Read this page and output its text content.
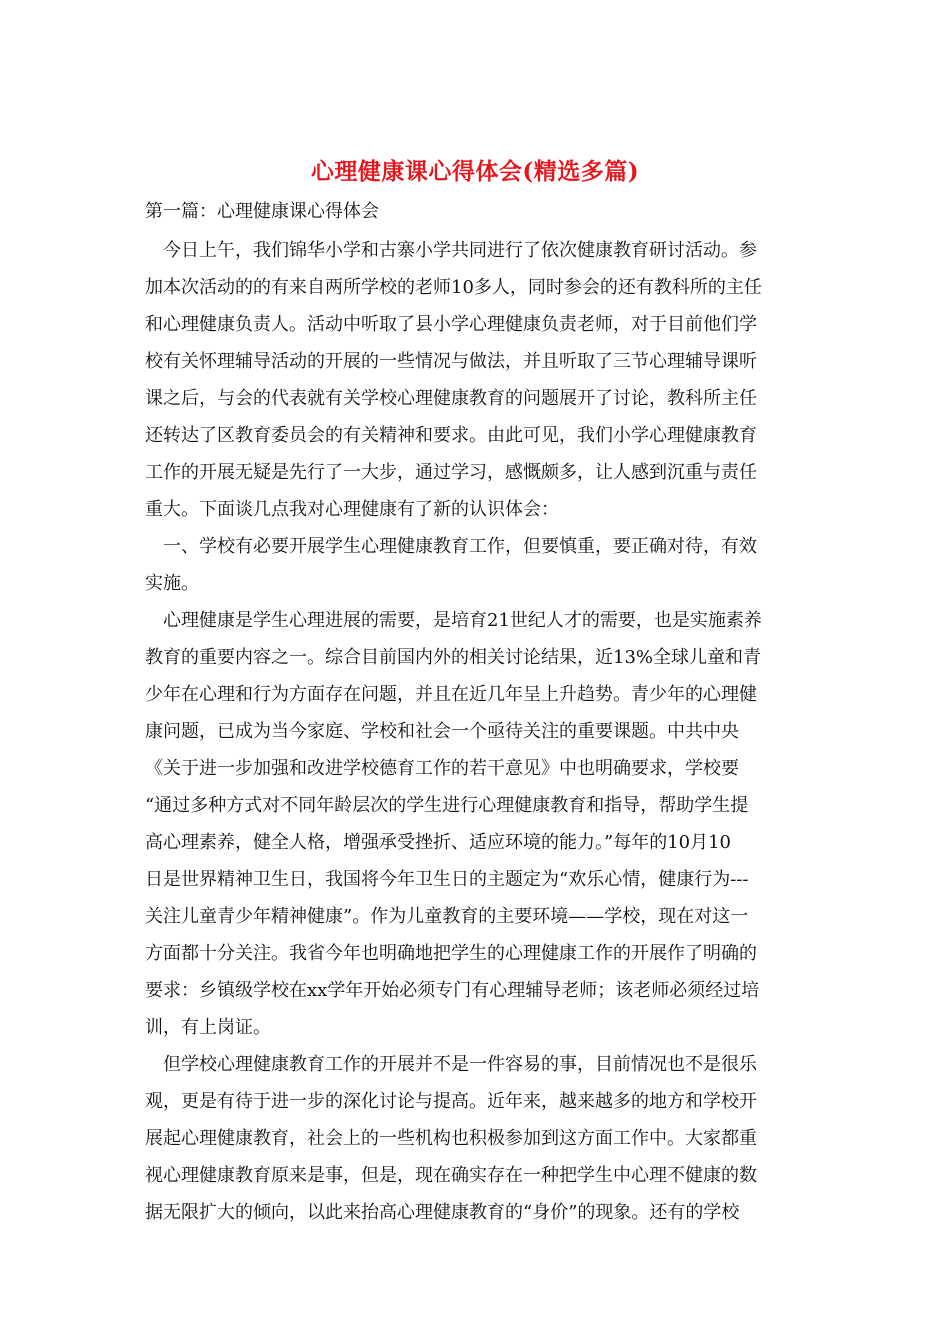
心理健康课心得体会(精选多篇)
第一篇：心理健康课心得体会
　今日上午，我们锦华小学和古寨小学共同进行了依次健康教育研讨活动。参
加本次活动的的有来自两所学校的老师10多人，同时参会的还有教科所的主任
和心理健康负责人。活动中听取了县小学心理健康负责老师，对于目前他们学
校有关怀理辅导活动的开展的一些情况与做法，并且听取了三节心理辅导课听
课之后，与会的代表就有关学校心理健康教育的问题展开了讨论，教科所主任
还转达了区教育委员会的有关精神和要求。由此可见，我们小学心理健康教育
工作的开展无疑是先行了一大步，通过学习，感慨颇多，让人感到沉重与责任
重大。下面谈几点我对心理健康有了新的认识体会：
　一、学校有必要开展学生心理健康教育工作，但要慎重，要正确对待，有效
实施。
　心理健康是学生心理进展的需要，是培育21世纪人才的需要，也是实施素养
教育的重要内容之一。综合目前国内外的相关讨论结果，近13%全球儿童和青
少年在心理和行为方面存在问题，并且在近几年呈上升趋势。青少年的心理健
康问题，已成为当今家庭、学校和社会一个亟待关注的重要课题。中共中央
《关于进一步加强和改进学校德育工作的若干意见》中也明确要求，学校要
“通过多种方式对不同年龄层次的学生进行心理健康教育和指导，帮助学生提
高心理素养，健全人格，增强承受挫折、适应环境的能力。”每年的10月10
日是世界精神卫生日，我国将今年卫生日的主题定为“欢乐心情，健康行为---
关注儿童青少年精神健康”。作为儿童教育的主要环境——学校，现在对这一
方面都十分关注。我省今年也明确地把学生的心理健康工作的开展作了明确的
要求：乡镇级学校在xx学年开始必须专门有心理辅导老师；该老师必须经过培
训，有上岗证。
　但学校心理健康教育工作的开展并不是一件容易的事，目前情况也不是很乐
观，更是有待于进一步的深化讨论与提高。近年来，越来越多的地方和学校开
展起心理健康教育，社会上的一些机构也积极参加到这方面工作中。大家都重
视心理健康教育原来是事，但是，现在确实存在一种把学生中心理不健康的数
据无限扩大的倾向，以此来抬高心理健康教育的“身价”的现象。还有的学校
